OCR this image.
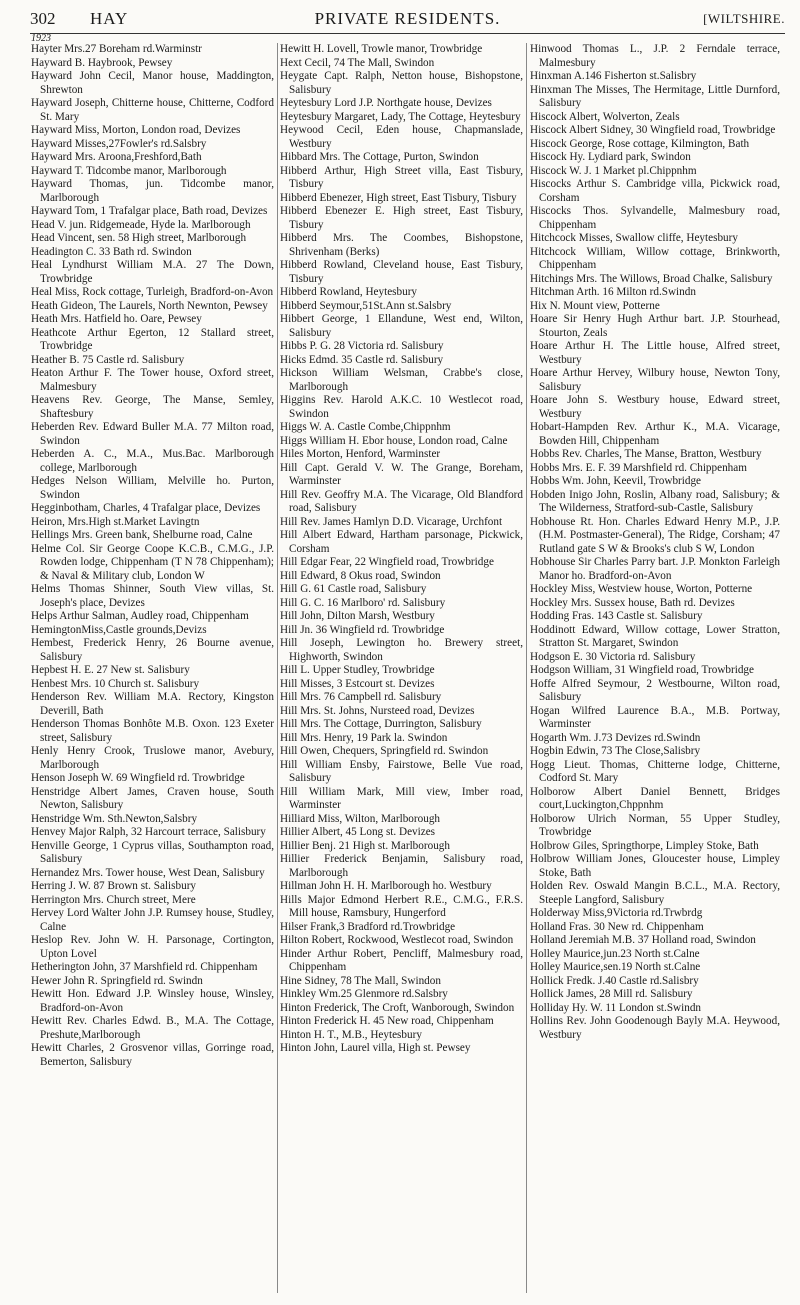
PRIVATE RESIDENTS.
302 HAY	[WILTSHIRE.
1923
Hayter Mrs.27 Boreham rd.Warminstr
Hayward B. Haybrook, Pewsey
Hayward John Cecil, Manor house, Maddington, Shrewton
Hayward Joseph, Chitterne house, Chitterne, Codford St. Mary
Hayward Miss, Morton, London road, Devizes
Hayward Misses,27Fowler's rd.Salsbry
Hayward Mrs. Aroona,Freshford,Bath
Hayward T. Tidcombe manor, Marlborough
Hayward Thomas, jun. Tidcombe manor, Marlborough
Hayward Tom, 1 Trafalgar place, Bath road, Devizes
Head V. jun. Ridgemeade, Hyde la. Marlborough
Head Vincent, sen. 58 High street, Marlborough
Headington C. 33 Bath rd. Swindon
Heal Lyndhurst William M.A. 27 The Down, Trowbridge
Heal Miss, Rock cottage, Turleigh, Bradford-on-Avon
Heath Gideon, The Laurels, North Newnton, Pewsey
Heath Mrs. Hatfield ho. Oare, Pewsey
Heathcote Arthur Egerton, 12 Stallard street, Trowbridge
Heather B. 75 Castle rd. Salisbury
Heaton Arthur F. The Tower house, Oxford street, Malmesbury
Heavens Rev. George, The Manse, Semley, Shaftesbury
Heberden Rev. Edward Buller M.A. 77 Milton road, Swindon
Heberden A. C., M.A., Mus.Bac. Marlborough college, Marlborough
Hedges Nelson William, Melville ho. Purton, Swindon
Hegginbotham, Charles, 4 Trafalgar place, Devizes
Heiron, Mrs.High st.Market Lavingtn
Hellings Mrs. Green bank, Shelburne road, Calne
Helme Col. Sir George Coope K.C.B., C.M.G., J.P. Rowden lodge, Chippenham (T N 78 Chippenham); & Naval & Military club, London W
Helms Thomas Shinner, South View villas, St. Joseph's place, Devizes
Helps Arthur Salman, Audley road, Chippenham
HemingtonMiss,Castle grounds,Devizs
Hembest, Frederick Henry, 26 Bourne avenue, Salisbury
Hepbest H. E. 27 New st. Salisbury
Henbest Mrs. 10 Church st. Salisbury
Henderson Rev. William M.A. Rectory, Kingston Deverill, Bath
Henderson Thomas Bonhôte M.B. Oxon. 123 Exeter street, Salisbury
Henly Henry Crook, Truslowe manor, Avebury, Marlborough
Henson Joseph W. 69 Wingfield rd. Trowbridge
Henstridge Albert James, Craven house, South Newton, Salisbury
Henstridge Wm. Sth.Newton,Salsbry
Henvey Major Ralph, 32 Harcourt terrace, Salisbury
Henville George, 1 Cyprus villas, Southampton road, Salisbury
Hernandez Mrs. Tower house, West Dean, Salisbury
Herring J. W. 87 Brown st. Salisbury
Herrington Mrs. Church street, Mere
Hervey Lord Walter John J.P. Rumsey house, Studley, Calne
Heslop Rev. John W. H. Parsonage, Cortington, Upton Lovel
Hetherington John, 37 Marshfield rd. Chippenham
Hewer John R. Springfield rd. Swindn
Hewitt Hon. Edward J.P. Winsley house, Winsley, Bradford-on-Avon
Hewitt Rev. Charles Edwd. B., M.A. The Cottage, Preshute,Marlborough
Hewitt Charles, 2 Grosvenor villas, Gorringe road, Bemerton, Salisbury
Hewitt H. Lovell, Trowle manor, Trowbridge
Hext Cecil, 74 The Mall, Swindon
Heygate Capt. Ralph, Netton house, Bishopstone, Salisbury
Heytesbury Lord J.P. Northgate house, Devizes
Heytesbury Margaret, Lady, The Cottage, Heytesbury
Heywood Cecil, Eden house, Chapmanslade, Westbury
Hibbard Mrs. The Cottage, Purton, Swindon
Hibberd Arthur, High Street villa, East Tisbury, Tisbury
Hibberd Ebenezer, High street, East Tisbury, Tisbury
Hibberd Ebenezer E. High street, East Tisbury, Tisbury
Hibberd Mrs. The Coombes, Bishopstone, Shrivenham (Berks)
Hibberd Rowland, Cleveland house, East Tisbury, Tisbury
Hibberd Rowland, Heytesbury
Hibberd Seymour,51St.Ann st.Salsbry
Hibbert George, 1 Ellandune, West end, Wilton, Salisbury
Hibbs P. G. 28 Victoria rd. Salisbury
Hicks Edmd. 35 Castle rd. Salisbury
Hickson William Welsman, Crabbe's close, Marlborough
Higgins Rev. Harold A.K.C. 10 Westlecot road, Swindon
Higgs W. A. Castle Combe,Chippnhm
Higgs William H. Ebor house, London road, Calne
Hiles Morton, Henford, Warminster
Hill Capt. Gerald V. W. The Grange, Boreham, Warminster
Hill Rev. Geoffry M.A. The Vicarage, Old Blandford road, Salisbury
Hill Rev. James Hamlyn D.D. Vicarage, Urchfont
Hill Albert Edward, Hartham parsonage, Pickwick, Corsham
Hill Edgar Fear, 22 Wingfield road, Trowbridge
Hill Edward, 8 Okus road, Swindon
Hill G. 61 Castle road, Salisbury
Hill G. C. 16 Marlboro' rd. Salisbury
Hill John, Dilton Marsh, Westbury
Hill Jn. 36 Wingfield rd. Trowbridge
Hill Joseph, Lewington ho. Brewery street, Highworth, Swindon
Hill L. Upper Studley, Trowbridge
Hill Misses, 3 Estcourt st. Devizes
Hill Mrs. 76 Campbell rd. Salisbury
Hill Mrs. St. Johns, Nursteed road, Devizes
Hill Mrs. The Cottage, Durrington, Salisbury
Hill Mrs. Henry, 19 Park la. Swindon
Hill Owen, Chequers, Springfield rd. Swindon
Hill William Ensby, Fairstowe, Belle Vue road, Salisbury
Hill William Mark, Mill view, Imber road, Warminster
Hilliard Miss, Wilton, Marlborough
Hillier Albert, 45 Long st. Devizes
Hillier Benj. 21 High st. Marlborough
Hillier Frederick Benjamin, Salisbury road, Marlborough
Hillman John H. H. Marlborough ho. Westbury
Hills Major Edmond Herbert R.E., C.M.G., F.R.S. Mill house, Ramsbury, Hungerford
Hilser Frank,3 Bradford rd.Trowbridge
Hilton Robert, Rockwood, Westlecot road, Swindon
Hinder Arthur Robert, Pencliff, Malmesbury road, Chippenham
Hine Sidney, 78 The Mall, Swindon
Hinkley Wm.25 Glenmore rd.Salsbry
Hinton Frederick, The Croft, Wanborough, Swindon
Hinton Frederick H. 45 New road, Chippenham
Hinton H. T., M.B., Heytesbury
Hinton John, Laurel villa, High st. Pewsey
Hinwood Thomas L., J.P. 2 Ferndale terrace, Malmesbury
Hinxman A.146 Fisherton st.Salisbry
Hinxman The Misses, The Hermitage, Little Durnford, Salisbury
Hiscock Albert, Wolverton, Zeals
Hiscock Albert Sidney, 30 Wingfield road, Trowbridge
Hiscock George, Rose cottage, Kilmington, Bath
Hiscock Hy. Lydiard park, Swindon
Hiscock W. J. 1 Market pl.Chippnhm
Hiscocks Arthur S. Cambridge villa, Pickwick road, Corsham
Hiscocks Thos. Sylvandelle, Malmesbury road, Chippenham
Hitchcock Misses, Swallow cliffe, Heytesbury
Hitchcock William, Willow cottage, Brinkworth, Chippenham
Hitchings Mrs. The Willows, Broad Chalke, Salisbury
Hitchman Arth. 16 Milton rd.Swindn
Hix N. Mount view, Potterne
Hoare Sir Henry Hugh Arthur bart. J.P. Stourhead, Stourton, Zeals
Hoare Arthur H. The Little house, Alfred street, Westbury
Hoare Arthur Hervey, Wilbury house, Newton Tony, Salisbury
Hoare John S. Westbury house, Edward street, Westbury
Hobart-Hampden Rev. Arthur K., M.A. Vicarage, Bowden Hill, Chippenham
Hobbs Rev. Charles, The Manse, Bratton, Westbury
Hobbs Mrs. E. F. 39 Marshfield rd. Chippenham
Hobbs Wm. John, Keevil, Trowbridge
Hobden Inigo John, Roslin, Albany road, Salisbury; & The Wilderness, Stratford-sub-Castle, Salisbury
Hobhouse Rt. Hon. Charles Edward Henry M.P., J.P. (H.M. Postmaster-General), The Ridge, Corsham; 47 Rutland gate S W & Brooks's club S W, London
Hobhouse Sir Charles Parry bart. J.P. Monkton Farleigh Manor ho. Bradford-on-Avon
Hockley Miss, Westview house, Worton, Potterne
Hockley Mrs. Sussex house, Bath rd. Devizes
Hodding Fras. 143 Castle st. Salisbury
Hoddinott Edward, Willow cottage, Lower Stratton, Stratton St. Margaret, Swindon
Hodgson E. 30 Victoria rd. Salisbury
Hodgson William, 31 Wingfield road, Trowbridge
Hoffe Alfred Seymour, 2 Westbourne, Wilton road, Salisbury
Hogan Wilfred Laurence B.A., M.B. Portway, Warminster
Hogarth Wm. J.73 Devizes rd.Swindn
Hogbin Edwin, 73 The Close,Salisbry
Hogg Lieut. Thomas, Chitterne lodge, Chitterne, Codford St. Mary
Holborow Albert Daniel Bennett, Bridges court,Luckington,Chppnhm
Holborow Ulrich Norman, 55 Upper Studley, Trowbridge
Holbrow Giles, Springthorpe, Limpley Stoke, Bath
Holbrow William Jones, Gloucester house, Limpley Stoke, Bath
Holden Rev. Oswald Mangin B.C.L., M.A. Rectory, Steeple Langford, Salisbury
Holderway Miss,9Victoria rd.Trwbrdg
Holland Fras. 30 New rd. Chippenham
Holland Jeremiah M.B. 37 Holland road, Swindon
Holley Maurice,jun.23 North st.Calne
Holley Maurice,sen.19 North st.Calne
Hollick Fredk. J.40 Castle rd.Salisbry
Hollick James, 28 Mill rd. Salisbury
Holliday Hy. W. 11 London st.Swindn
Hollins Rev. John Goodenough Bayly M.A. Heywood, Westbury
